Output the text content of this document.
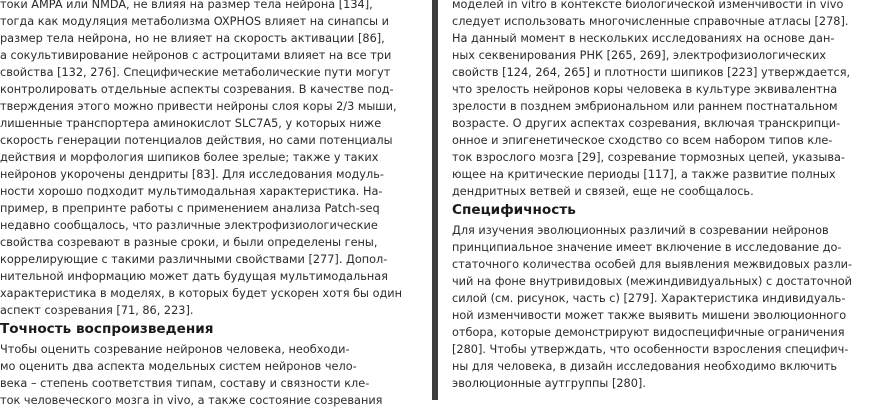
токи AMPA или NMDA, не влияя на размер тела нейрона [134],
тогда как модуляция метаболизма OXPHOS влияет на синапсы и
размер тела нейрона, но не влияет на скорость активации [86],
а сокультивирование нейронов с астроцитами влияет на все три
свойства [132, 276]. Специфические метаболические пути могут
контролировать отдельные аспекты созревания. В качестве под-
тверждения этого можно привести нейроны слоя коры 2/3 мыши,
лишенные транспортера аминокислот SLC7A5, у которых ниже
скорость генерации потенциалов действия, но сами потенциалы
действия и морфология шипиков более зрелые; также у таких
нейронов укорочены дендриты [83]. Для исследования модуль-
ности хорошо подходит мультимодальная характеристика. На-
пример, в препринте работы с применением анализа Patch-seq
недавно сообщалось, что различные электрофизиологические
свойства созревают в разные сроки, и были определены гены,
коррелирующие с такими различными свойствами [277]. Допол-
нительной информацию может дать будущая мультимодальная
характеристика в моделях, в которых будет ускорен хотя бы один
аспект созревания [71, 86, 223].
Точность воспроизведения
Чтобы оценить созревание нейронов человека, необходи-
мо оценить два аспекта модельных систем нейронов чело-
века – степень соответствия типам, составу и связности кле-
ток человеческого мозга in vivo, а также состояние созревания
моделей in vitro в контексте биологической изменчивости in vivo
следует использовать многочисленные справочные атласы [278].
На данный момент в нескольких исследованиях на основе дан-
ных секвенирования РНК [265, 269], электрофизиологических
свойств [124, 264, 265] и плотности шипиков [223] утверждается,
что зрелость нейронов коры человека в культуре эквивалентна
зрелости в позднем эмбриональном или раннем постнатальном
возрасте. О других аспектах созревания, включая транскрипци-
онное и эпигенетическое сходство со всем набором типов кле-
ток взрослого мозга [29], созревание тормозных цепей, указыва-
ющее на критические периоды [117], а также развитие полных
дендритных ветвей и связей, еще не сообщалось.
Специфичность
Для изучения эволюционных различий в созревании нейронов
принципиальное значение имеет включение в исследование до-
статочного количества особей для выявления межвидовых разли-
чий на фоне внутривидовых (межиндивидуальных) с достаточной
силой (см. рисунок, часть с) [279]. Характеристика индивидуаль-
ной изменчивости может также выявить мишени эволюционного
отбора, которые демонстрируют видоспецифичные ограничения
[280]. Чтобы утверждать, что особенности взросления специфич-
ны для человека, в дизайн исследования необходимо включить
эволюционные аутгруппы [280].
